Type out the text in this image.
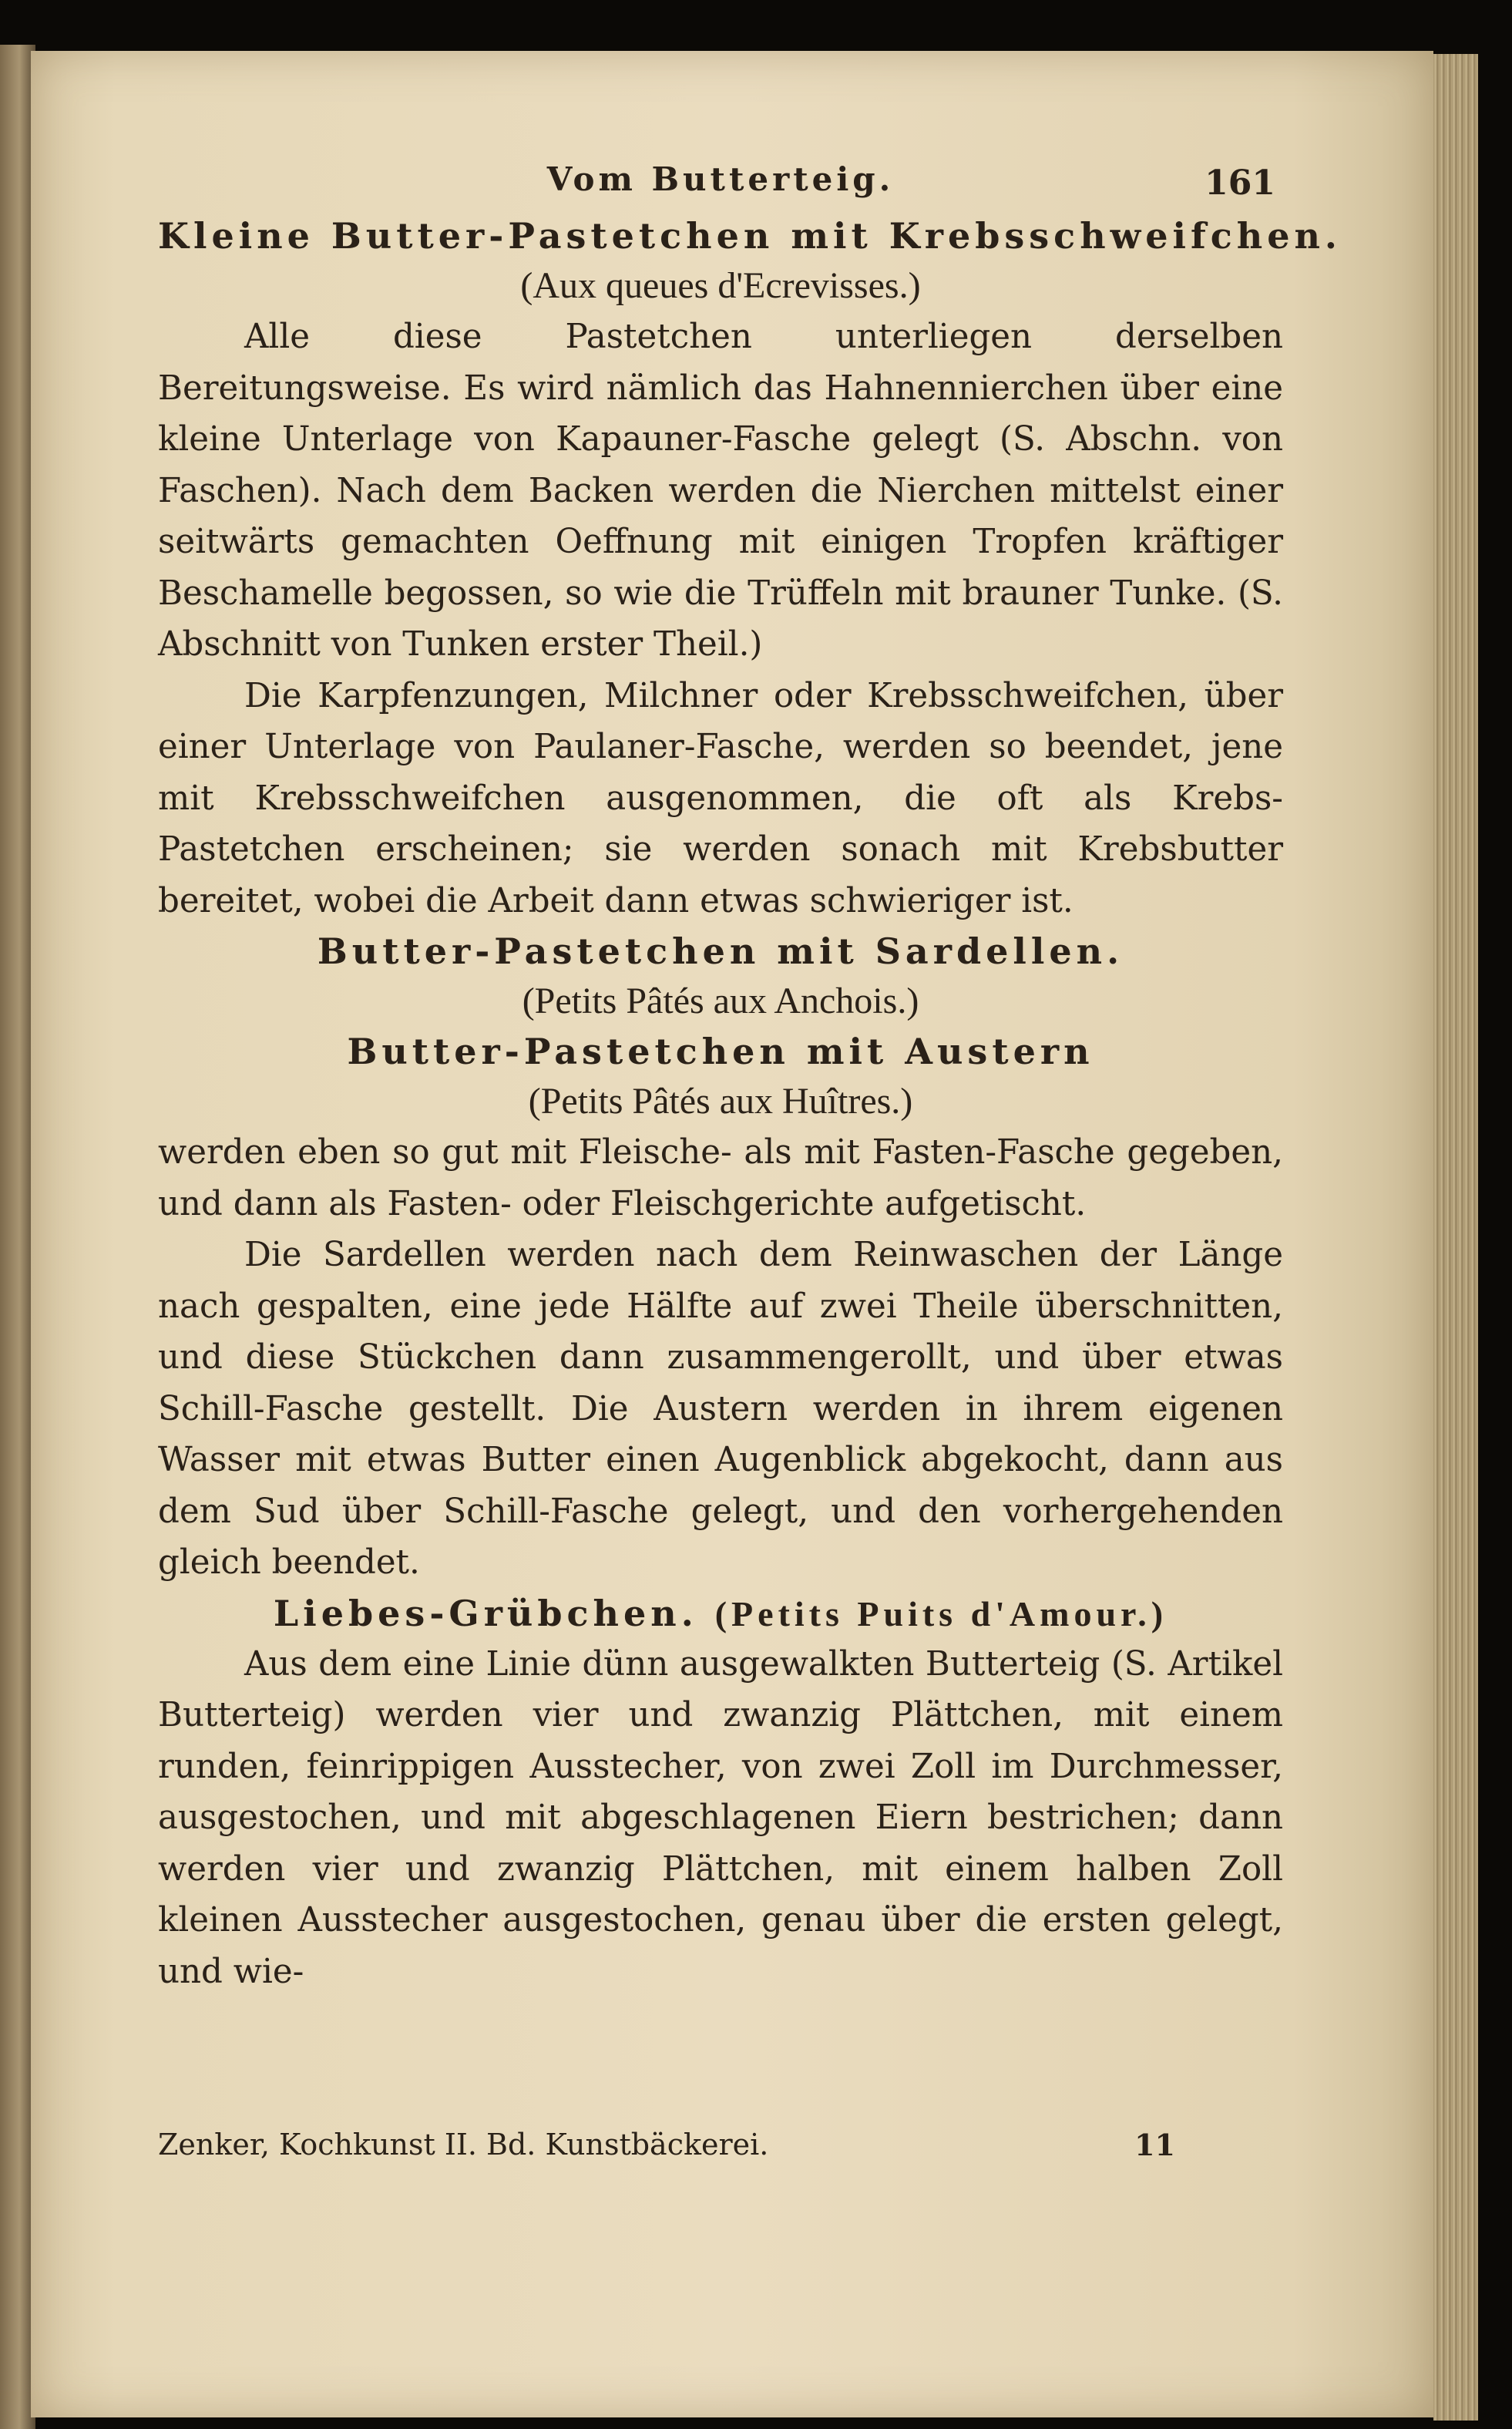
Vom Butterteig.	161
Kleine Butter-Pastetchen mit Krebsschweifchen.
(Aux queues d'Ecrevisses.)

Alle diese Pastetchen unterliegen derselben Bereitungsweise. Es wird nämlich das Hahnennierchen über eine kleine Unterlage von Kapauner-Fasche gelegt (S. Abschn. von Faschen). Nach dem Backen werden die Nierchen mittelst einer seitwärts gemachten Oeffnung mit einigen Tropfen kräftiger Beschamelle begossen, so wie die Trüffeln mit brauner Tunke. (S. Abschnitt von Tunken erster Theil.)

Die Karpfenzungen, Milchner oder Krebsschweifchen, über einer Unterlage von Paulaner-Fasche, werden so beendet, jene mit Krebsschweifchen ausgenommen, die oft als Krebs-Pastetchen erscheinen; sie werden sonach mit Krebsbutter bereitet, wobei die Arbeit dann etwas schwieriger ist.

Butter-Pastetchen mit Sardellen.
(Petits Pâtés aux Anchois.)
Butter-Pastetchen mit Austern
(Petits Pâtés aux Huîtres.)

werden eben so gut mit Fleische- als mit Fasten-Fasche gegeben, und dann als Fasten- oder Fleischgerichte aufgetischt.

Die Sardellen werden nach dem Reinwaschen der Länge nach gespalten, eine jede Hälfte auf zwei Theile überschnitten, und diese Stückchen dann zusammengerollt, und über etwas Schill-Fasche gestellt. Die Austern werden in ihrem eigenen Wasser mit etwas Butter einen Augenblick abgekocht, dann aus dem Sud über Schill-Fasche gelegt, und den vorhergehenden gleich beendet.

Liebes-Grübchen. (Petits Puits d'Amour.)

Aus dem eine Linie dünn ausgewalkten Butterteig (S. Artikel Butterteig) werden vier und zwanzig Plättchen, mit einem runden, feinrippigen Ausstecher, von zwei Zoll im Durchmesser, ausgestochen, und mit abgeschlagenen Eiern bestrichen; dann werden vier und zwanzig Plättchen, mit einem halben Zoll kleinen Ausstecher ausgestochen, genau über die ersten gelegt, und wie-

Zenker, Kochkunst II. Bd. Kunstbäckerei.	11
